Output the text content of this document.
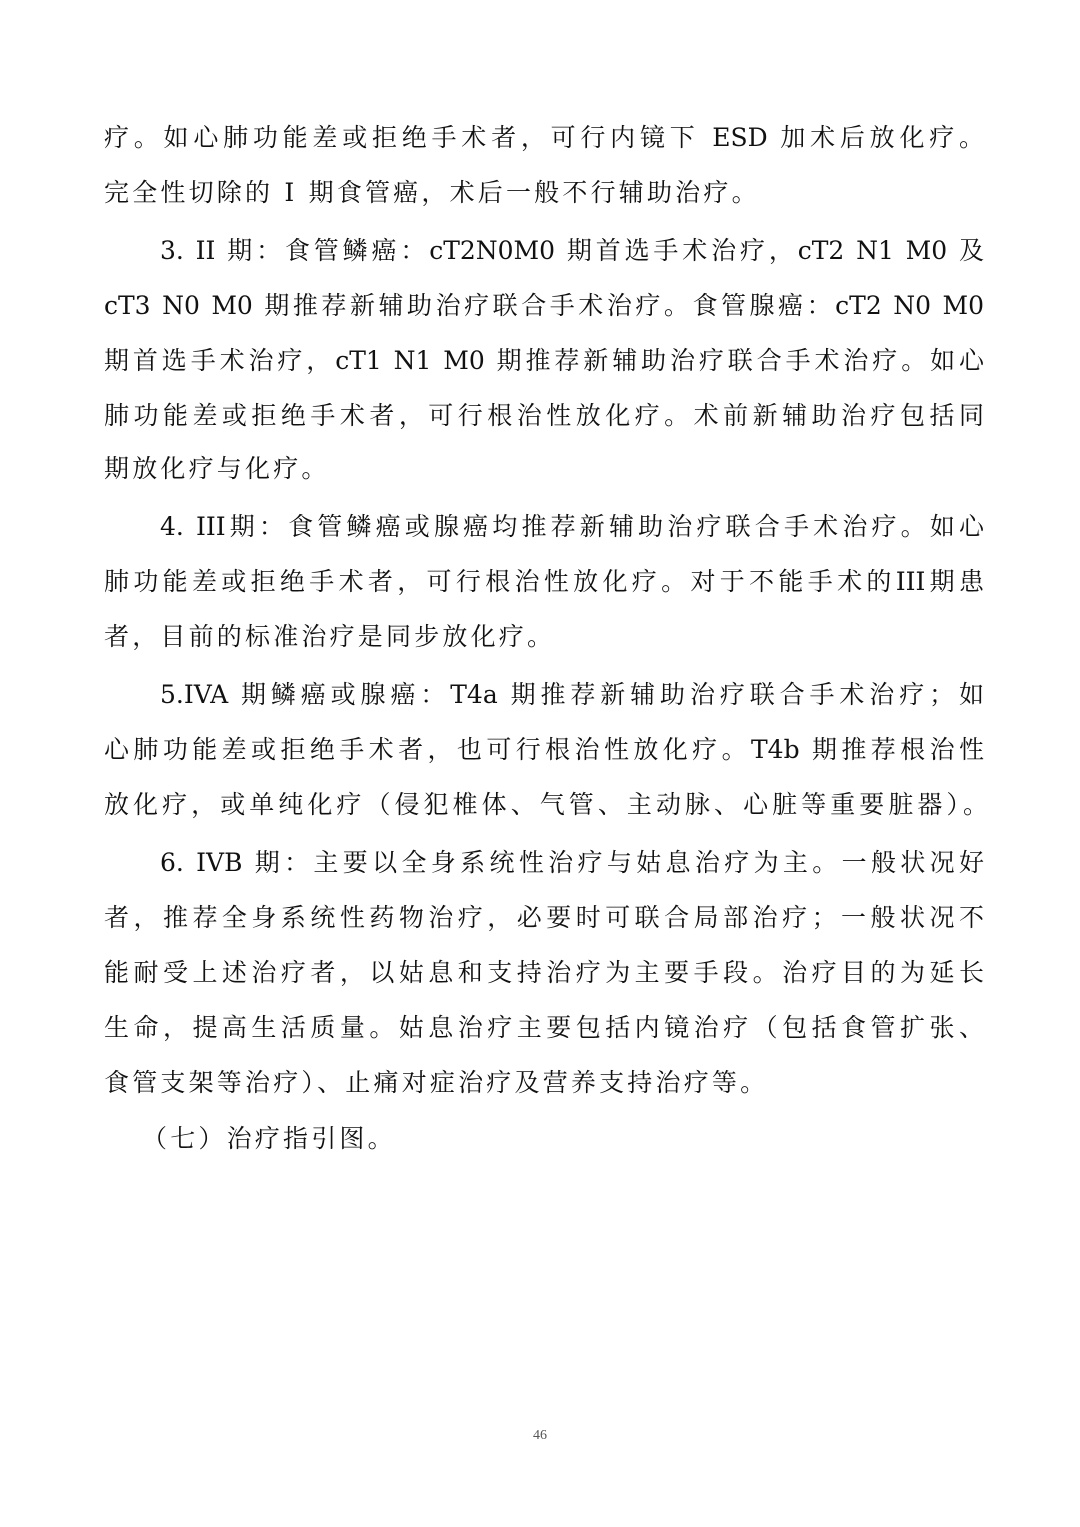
疗。如心肺功能差或拒绝手术者，可行内镜下 ESD 加术后放化疗。
完全性切除的 I 期食管癌，术后一般不行辅助治疗。
3. II 期：食管鳞癌：cT2N0M0 期首选手术治疗，cT2 N1 M0 及
cT3 N0 M0 期推荐新辅助治疗联合手术治疗。食管腺癌：cT2 N0 M0
期首选手术治疗，cT1 N1 M0 期推荐新辅助治疗联合手术治疗。如心
肺功能差或拒绝手术者，可行根治性放化疗。术前新辅助治疗包括同
期放化疗与化疗。
4. III期：食管鳞癌或腺癌均推荐新辅助治疗联合手术治疗。如心
肺功能差或拒绝手术者，可行根治性放化疗。对于不能手术的III期患
者，目前的标准治疗是同步放化疗。
5.IVA 期鳞癌或腺癌：T4a 期推荐新辅助治疗联合手术治疗；如
心肺功能差或拒绝手术者，也可行根治性放化疗。T4b 期推荐根治性
放化疗，或单纯化疗（侵犯椎体、气管、主动脉、心脏等重要脏器）。
6. IVB 期：主要以全身系统性治疗与姑息治疗为主。一般状况好
者，推荐全身系统性药物治疗，必要时可联合局部治疗；一般状况不
能耐受上述治疗者，以姑息和支持治疗为主要手段。治疗目的为延长
生命，提高生活质量。姑息治疗主要包括内镜治疗（包括食管扩张、
食管支架等治疗）、止痛对症治疗及营养支持治疗等。
（七）治疗指引图。
46
